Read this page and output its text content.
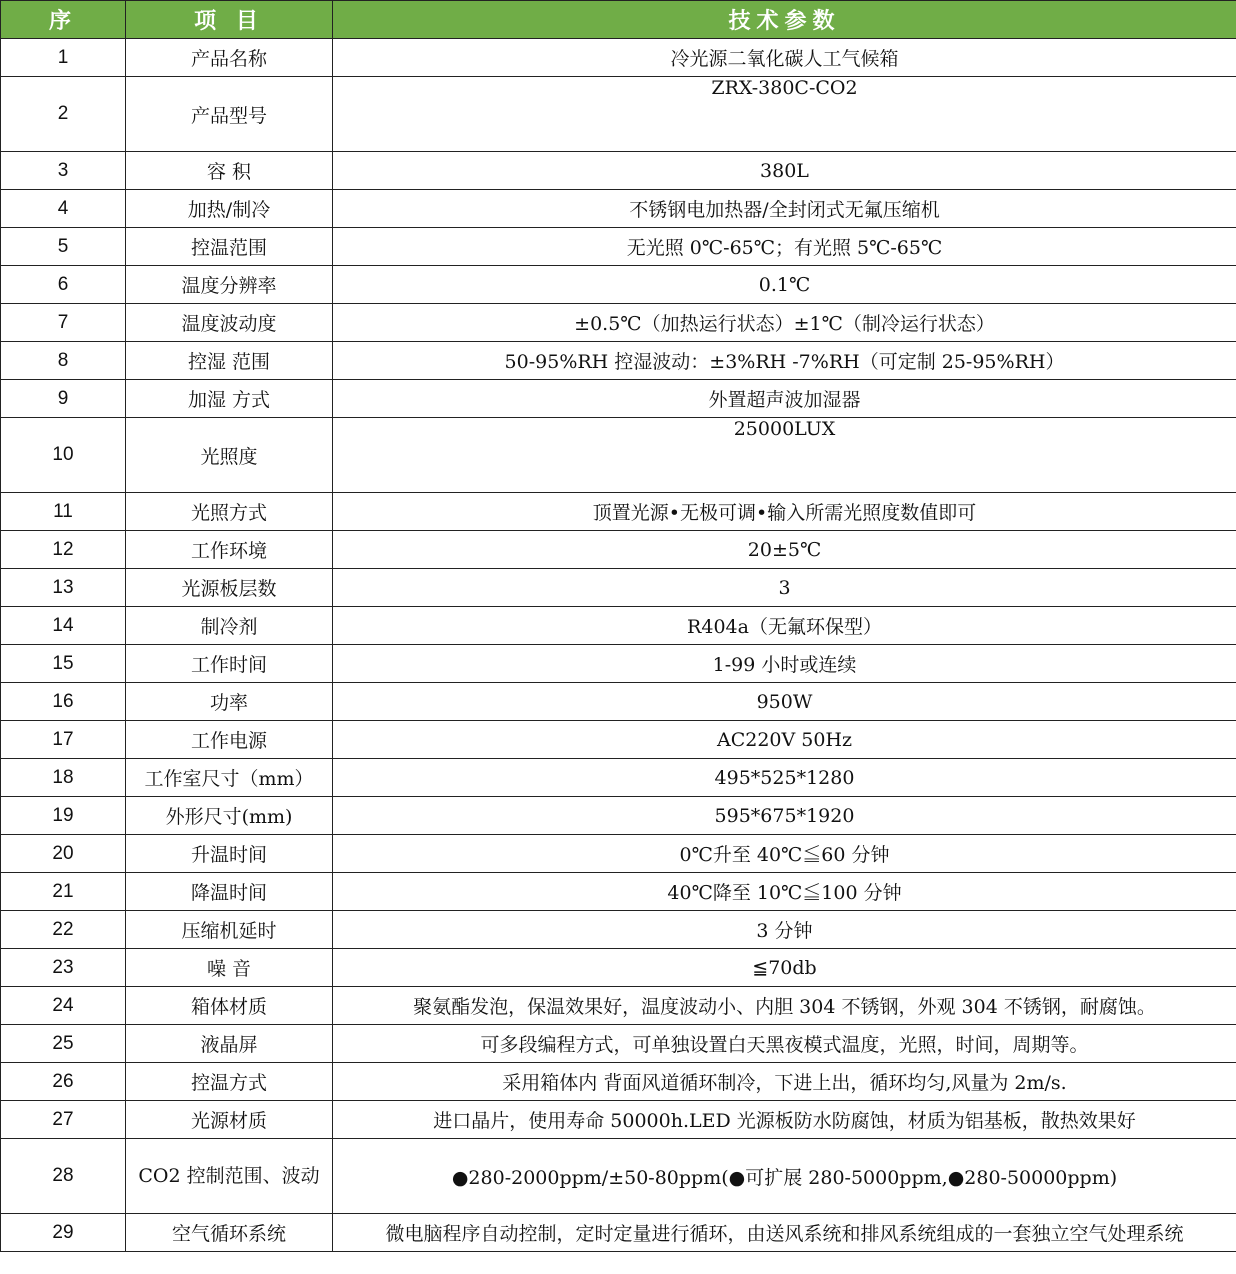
序	项 目	技术参数
1	产品名称	冷光源二氧化碳人工气候箱
2	产品型号	ZRX-380C-CO2
3	容 积	380L
4	加热/制冷	不锈钢电加热器/全封闭式无氟压缩机
5	控温范围	无光照 0℃-65℃；有光照 5℃-65℃
6	温度分辨率	0.1℃
7	温度波动度	±0.5℃（加热运行状态）±1℃（制冷运行状态）
8	控湿 范围	50-95%RH 控湿波动：±3%RH -7%RH（可定制 25-95%RH）
9	加湿 方式	外置超声波加湿器
10	光照度	25000LUX
11	光照方式	顶置光源•无极可调•输入所需光照度数值即可
12	工作环境	20±5℃
13	光源板层数	3
14	制冷剂	R404a（无氟环保型）
15	工作时间	1-99 小时或连续
16	功率	950W
17	工作电源	AC220V 50Hz
18	工作室尺寸（mm）	495*525*1280
19	外形尺寸(mm)	595*675*1920
20	升温时间	0℃升至 40℃≦60 分钟
21	降温时间	40℃降至 10℃≦100 分钟
22	压缩机延时	3 分钟
23	噪 音	≦70db
24	箱体材质	聚氨酯发泡，保温效果好，温度波动小、内胆 304 不锈钢，外观 304 不锈钢，耐腐蚀。
25	液晶屏	可多段编程方式，可单独设置白天黑夜模式温度，光照，时间，周期等。
26	控温方式	采用箱体内 背面风道循环制冷，下进上出，循环均匀,风量为 2m/s.
27	光源材质	进口晶片，使用寿命 50000h.LED 光源板防水防腐蚀，材质为铝基板，散热效果好
28	CO2 控制范围、波动	●280-2000ppm/±50-80ppm(●可扩展 280-5000ppm,●280-50000ppm)
29	空气循环系统	微电脑程序自动控制，定时定量进行循环，由送风系统和排风系统组成的一套独立空气处理系统
